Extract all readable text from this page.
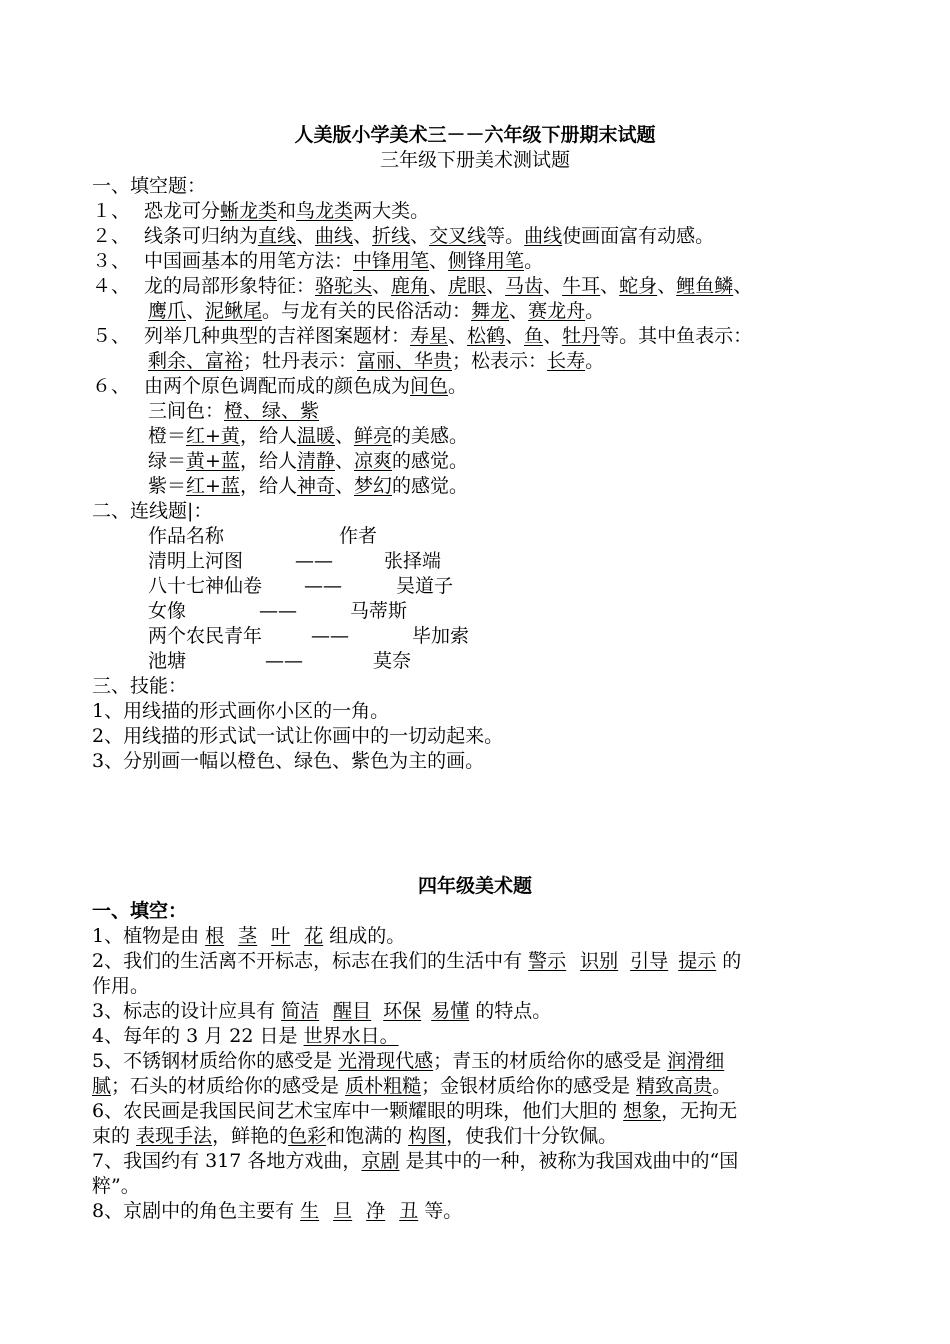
人美版小学美术三－－六年级下册期末试题
三年级下册美术测试题
一、填空题：
１、 恐龙可分蜥龙类和鸟龙类两大类。
２、 线条可归纳为直线、曲线、折线、交叉线等。曲线使画面富有动感。
３、 中国画基本的用笔方法：中锋用笔、侧锋用笔。
４、 龙的局部形象特征：骆驼头、鹿角、虎眼、马齿、牛耳、蛇身、鲤鱼鳞、
鹰爪、泥鳅尾。与龙有关的民俗活动：舞龙、赛龙舟。
５、 列举几种典型的吉祥图案题材：寿星、松鹤、鱼、牡丹等。其中鱼表示：
剩余、富裕；牡丹表示：富丽、华贵；松表示：长寿。
６、 由两个原色调配而成的颜色成为间色。
三间色：橙、绿、紫
橙＝红+黄，给人温暖、鲜亮的美感。
绿＝黄+蓝，给人清静、凉爽的感觉。
紫＝红+蓝，给人神奇、梦幻的感觉。
二、连线题|：
作品名称	作者
清明上河图	——	张择端
八十七神仙卷 ——	吴道子
女像	——	马蒂斯
两个农民青年	——	毕加索
池塘	——	莫奈
三、技能：
1、用线描的形式画你小区的一角。
2、用线描的形式试一试让你画中的一切动起来。
3、分别画一幅以橙色、绿色、紫色为主的画。
四年级美术题
一、填空：
1、植物是由 根 茎 叶 花 组成的。
2、我们的生活离不开标志，标志在我们的生活中有 警示 识别 引导 提示 的
作用。
3、标志的设计应具有 简洁 醒目 环保 易懂 的特点。
4、每年的 3 月 22 日是 世界水日。
5、不锈钢材质给你的感受是 光滑现代感；青玉的材质给你的感受是 润滑细
腻；石头的材质给你的感受是 质朴粗糙；金银材质给你的感受是 精致高贵。
6、农民画是我国民间艺术宝库中一颗耀眼的明珠，他们大胆的 想象，无拘无
束的 表现手法，鲜艳的色彩和饱满的 构图，使我们十分钦佩。
7、我国约有 317 各地方戏曲，京剧 是其中的一种，被称为我国戏曲中的“国
粹”。
8、京剧中的角色主要有 生 旦 净 丑 等。
